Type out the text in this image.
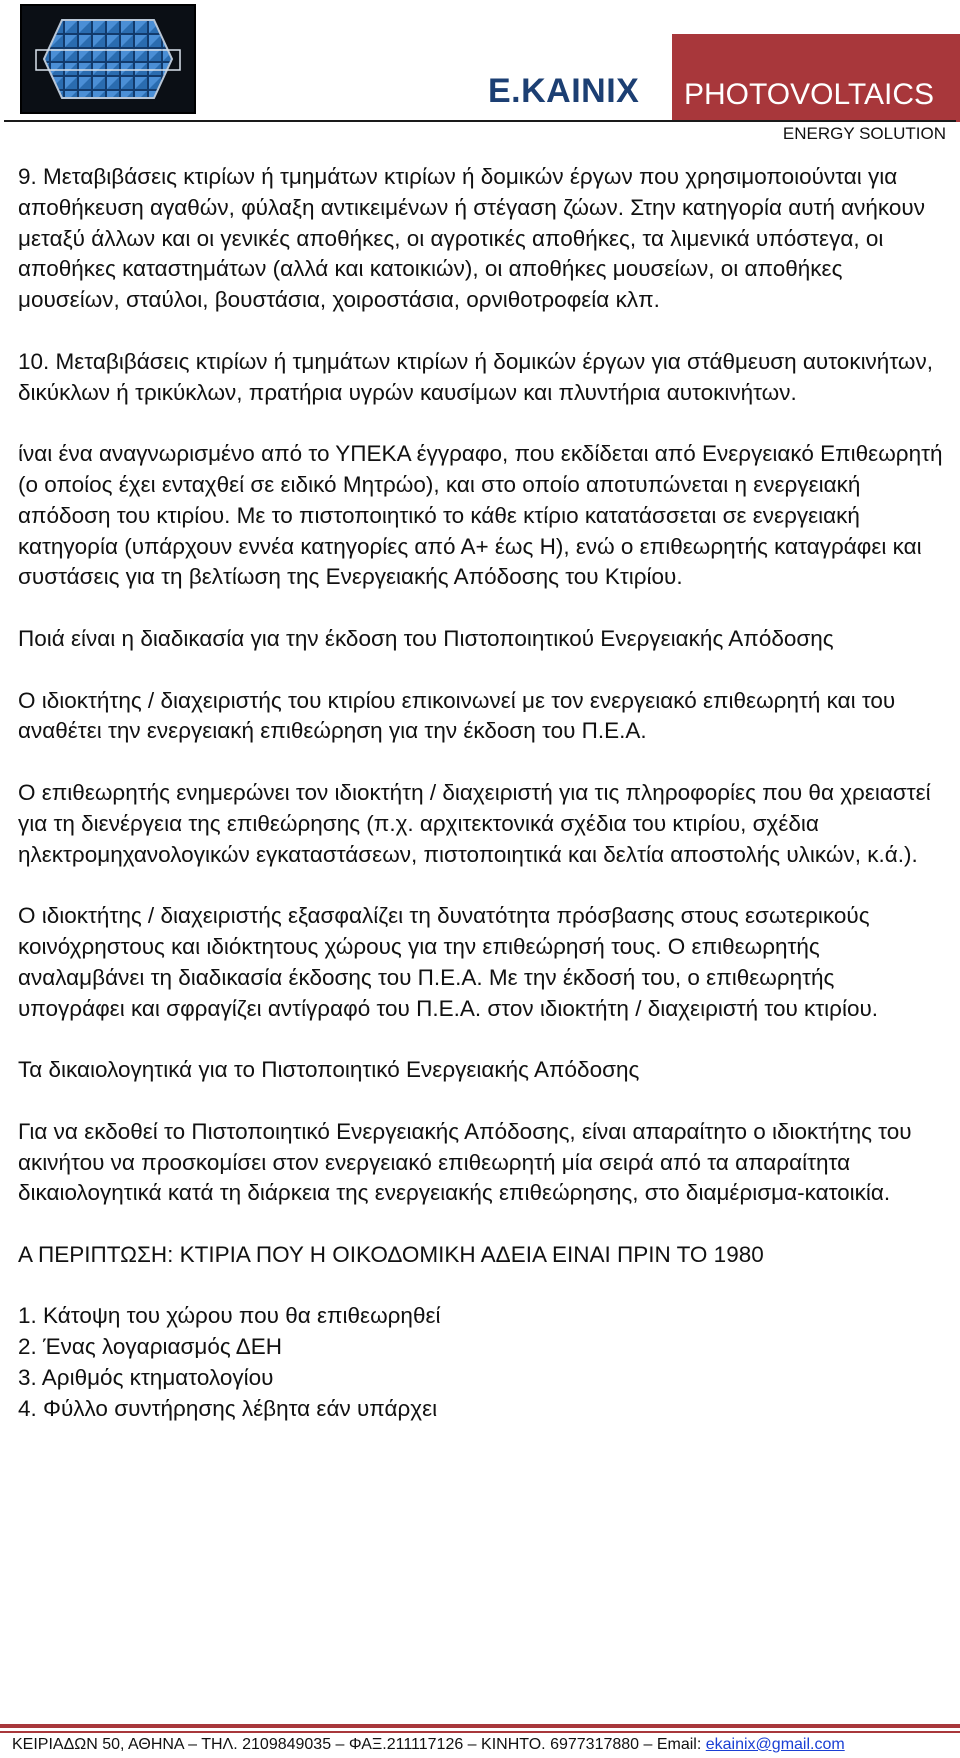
E.KAINIX PHOTOVOLTAICS
ENERGY SOLUTION

9. Μεταβιβάσεις κτιρίων ή τμημάτων κτιρίων ή δομικών έργων που χρησιμοποιούνται για αποθήκευση αγαθών, φύλαξη αντικειμένων ή στέγαση ζώων. Στην κατηγορία αυτή ανήκουν μεταξύ άλλων και οι γενικές αποθήκες, οι αγροτικές αποθήκες, τα λιμενικά υπόστεγα, οι αποθήκες καταστημάτων (αλλά και κατοικιών), οι αποθήκες μουσείων, οι αποθήκες μουσείων, σταύλοι, βουστάσια, χοιροστάσια, ορνιθοτροφεία κλπ.

10. Μεταβιβάσεις κτιρίων ή τμημάτων κτιρίων ή δομικών έργων για στάθμευση αυτοκινήτων, δικύκλων ή τρικύκλων, πρατήρια υγρών καυσίμων και πλυντήρια αυτοκινήτων.

ίναι ένα αναγνωρισμένο από το ΥΠΕΚΑ έγγραφο, που εκδίδεται από Ενεργειακό Επιθεωρητή (ο οποίος έχει ενταχθεί σε ειδικό Μητρώο), και στο οποίο αποτυπώνεται η ενεργειακή απόδοση του κτιρίου. Με το πιστοποιητικό το κάθε κτίριο κατατάσσεται σε ενεργειακή κατηγορία (υπάρχουν εννέα κατηγορίες από Α+ έως Η), ενώ ο επιθεωρητής καταγράφει και συστάσεις για τη βελτίωση της Ενεργειακής Απόδοσης του Κτιρίου.

Ποιά είναι η διαδικασία για την έκδοση του Πιστοποιητικού Ενεργειακής Απόδοσης

Ο ιδιοκτήτης / διαχειριστής του κτιρίου επικοινωνεί με τον ενεργειακό επιθεωρητή και του αναθέτει την ενεργειακή επιθεώρηση για την έκδοση του Π.Ε.Α.

Ο επιθεωρητής ενημερώνει τον ιδιοκτήτη / διαχειριστή για τις πληροφορίες που θα χρειαστεί για τη διενέργεια της επιθεώρησης (π.χ. αρχιτεκτονικά σχέδια του κτιρίου, σχέδια ηλεκτρομηχανολογικών εγκαταστάσεων, πιστοποιητικά και δελτία αποστολής υλικών, κ.ά.).

Ο ιδιοκτήτης / διαχειριστής εξασφαλίζει τη δυνατότητα πρόσβασης στους εσωτερικούς κοινόχρηστους και ιδιόκτητους χώρους για την επιθεώρησή τους. Ο επιθεωρητής αναλαμβάνει τη διαδικασία έκδοσης του Π.Ε.Α. Με την έκδοσή του, ο επιθεωρητής υπογράφει και σφραγίζει αντίγραφό του Π.Ε.Α. στον ιδιοκτήτη / διαχειριστή του κτιρίου.

Τα δικαιολογητικά για το Πιστοποιητικό Ενεργειακής Απόδοσης

Για να εκδοθεί το Πιστοποιητικό Ενεργειακής Απόδοσης, είναι απαραίτητο ο ιδιοκτήτης του ακινήτου να προσκομίσει στον ενεργειακό επιθεωρητή μία σειρά από τα απαραίτητα δικαιολογητικά κατά τη διάρκεια της ενεργειακής επιθεώρησης, στο διαμέρισμα-κατοικία.

Α ΠΕΡΙΠΤΩΣΗ: ΚΤΙΡΙΑ ΠΟΥ Η ΟΙΚΟΔΟΜΙΚΗ ΑΔΕΙΑ ΕΙΝΑΙ ΠΡΙΝ ΤΟ 1980

1. Κάτοψη του χώρου που θα επιθεωρηθεί
2. Ένας λογαριασμός ΔΕΗ
3. Αριθμός κτηματολογίου
4. Φύλλο συντήρησης λέβητα εάν υπάρχει
ΚΕΙΡΙΑΔΩΝ 50, ΑΘΗΝΑ – ΤΗΛ. 2109849035 – ΦΑΞ.211117126 – ΚΙΝΗΤΟ. 6977317880 – Email: ekainix@gmail.com
